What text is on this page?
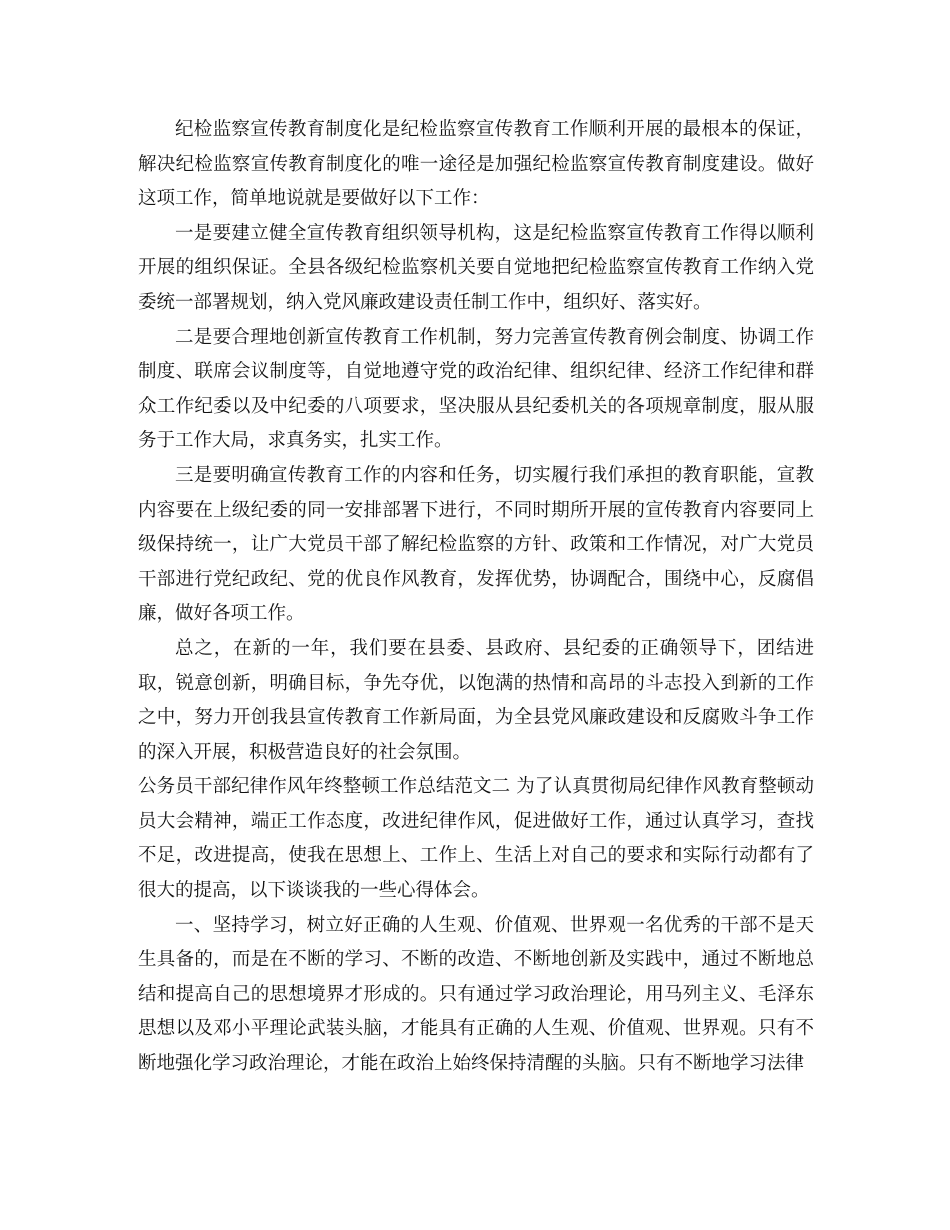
纪检监察宣传教育制度化是纪检监察宣传教育工作顺利开展的最根本的保证，解决纪检监察宣传教育制度化的唯一途径是加强纪检监察宣传教育制度建设。做好这项工作，简单地说就是要做好以下工作：

一是要建立健全宣传教育组织领导机构，这是纪检监察宣传教育工作得以顺利开展的组织保证。全县各级纪检监察机关要自觉地把纪检监察宣传教育工作纳入党委统一部署规划，纳入党风廉政建设责任制工作中，组织好、落实好。

二是要合理地创新宣传教育工作机制，努力完善宣传教育例会制度、协调工作制度、联席会议制度等，自觉地遵守党的政治纪律、组织纪律、经济工作纪律和群众工作纪委以及中纪委的八项要求，坚决服从县纪委机关的各项规章制度，服从服务于工作大局，求真务实，扎实工作。

三是要明确宣传教育工作的内容和任务，切实履行我们承担的教育职能，宣教内容要在上级纪委的同一安排部署下进行，不同时期所开展的宣传教育内容要同上级保持统一，让广大党员干部了解纪检监察的方针、政策和工作情况，对广大党员干部进行党纪政纪、党的优良作风教育，发挥优势，协调配合，围绕中心，反腐倡廉，做好各项工作。

总之，在新的一年，我们要在县委、县政府、县纪委的正确领导下，团结进取，锐意创新，明确目标，争先夺优，以饱满的热情和高昂的斗志投入到新的工作之中，努力开创我县宣传教育工作新局面，为全县党风廉政建设和反腐败斗争工作的深入开展，积极营造良好的社会氛围。

公务员干部纪律作风年终整顿工作总结范文二 为了认真贯彻局纪律作风教育整顿动员大会精神，端正工作态度，改进纪律作风，促进做好工作，通过认真学习，查找不足，改进提高，使我在思想上、工作上、生活上对自己的要求和实际行动都有了很大的提高，以下谈谈我的一些心得体会。

一、坚持学习，树立好正确的人生观、价值观、世界观一名优秀的干部不是天生具备的，而是在不断的学习、不断的改造、不断地创新及实践中，通过不断地总结和提高自己的思想境界才形成的。只有通过学习政治理论，用马列主义、毛泽东思想以及邓小平理论武装头脑，才能具有正确的人生观、价值观、世界观。只有不断地强化学习政治理论，才能在政治上始终保持清醒的头脑。只有不断地学习法律
